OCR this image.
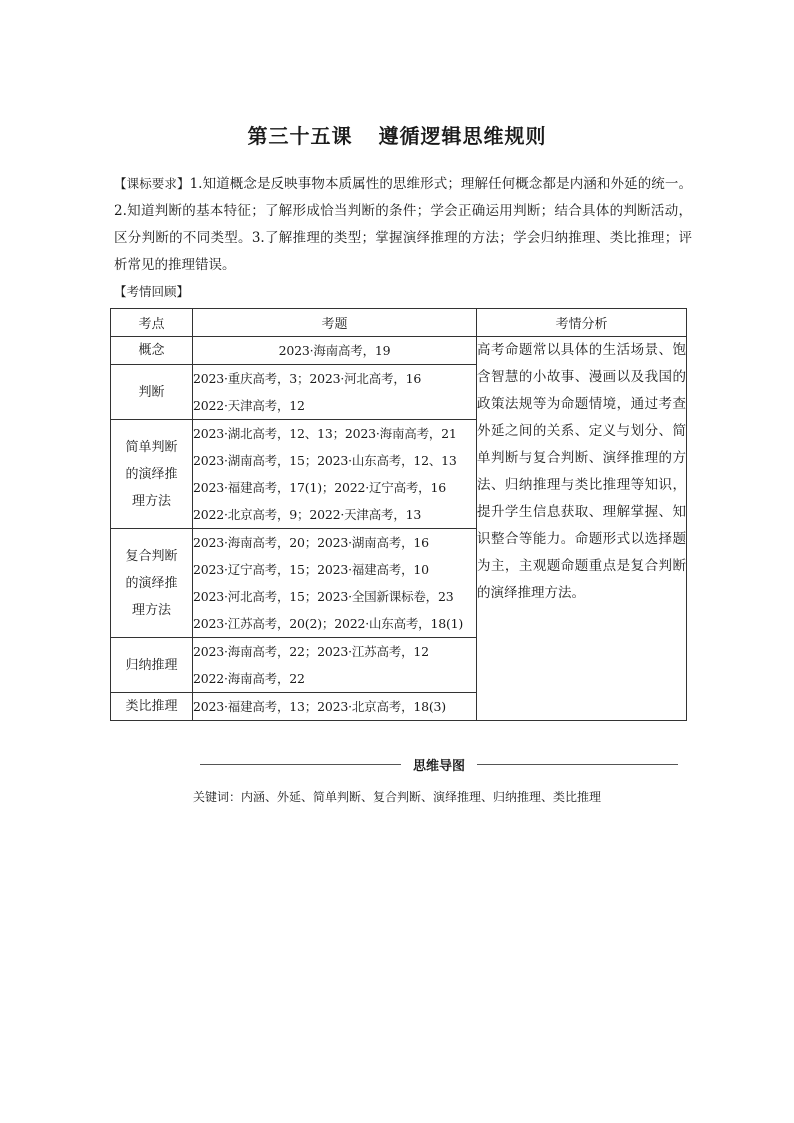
第三十五课 遵循逻辑思维规则
【课标要求】1.知道概念是反映事物本质属性的思维形式；理解任何概念都是内涵和外延的统一。2.知道判断的基本特征；了解形成恰当判断的条件；学会正确运用判断；结合具体的判断活动，区分判断的不同类型。3.了解推理的类型；掌握演绎推理的方法；学会归纳推理、类比推理；评析常见的推理错误。
【考情回顾】
考点	考题	考情分析
概念	2023·海南高考，19	高考命题常以具体的生活场景、饱含智慧的小故事、漫画以及我国的政策法规等为命题情境，通过考查外延之间的关系、定义与划分、简单判断与复合判断、演绎推理的方法、归纳推理与类比推理等知识，提升学生信息获取、理解掌握、知识整合等能力。命题形式以选择题为主，主观题命题重点是复合判断的演绎推理方法。
判断	2023·重庆高考，3；2023·河北高考，16
2022·天津高考，12	

简单判断的演绎推理方法	2023·湖北高考，12、13；2023·海南高考，21
2023·湖南高考，15；2023·山东高考，12、13
2023·福建高考，17(1)；2022·辽宁高考，16
2022·北京高考，9；2022·天津高考，13	

复合判断的演绎推理方法	2023·海南高考，20；2023·湖南高考，16
2023·辽宁高考，15；2023·福建高考，10
2023·河北高考，15；2023·全国新课标卷，23
2023·江苏高考，20(2)；2022·山东高考，18(1)	

归纳推理	2023·海南高考，22；2023·江苏高考，12
2022·海南高考，22	

类比推理	2023·福建高考，13；2023·北京高考，18(3)	
思维导图
关键词：内涵、外延、简单判断、复合判断、演绎推理、归纳推理、类比推理
